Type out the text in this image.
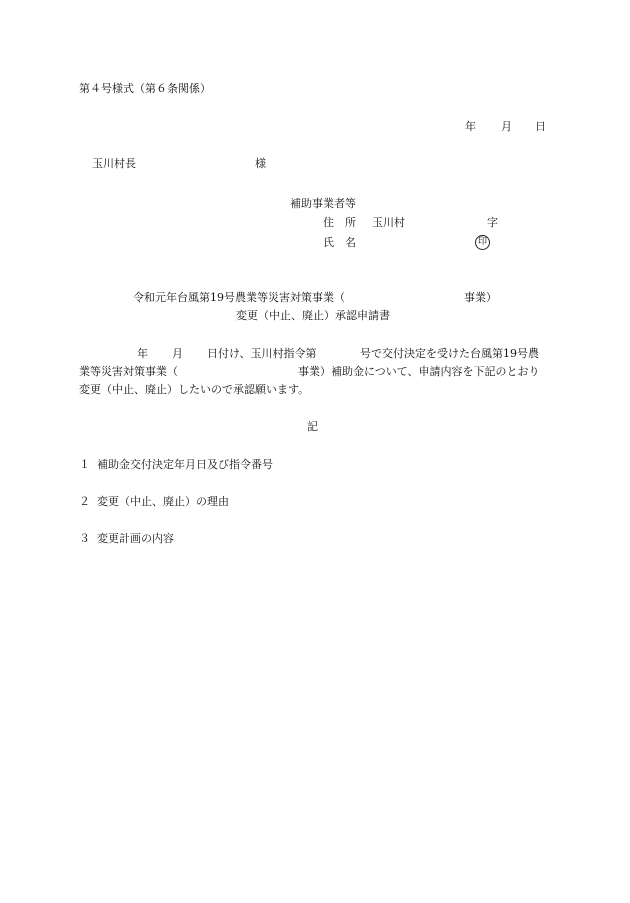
第４号様式（第６条関係）
年 月 日
玉川村長	様
補助事業者等
住　所 玉川村	字
氏　名	印
令和元年台風第19号農業等災害対策事業（	事業）
変更（中止、廃止）承認申請書
年 月 日付け、玉川村指令第	号で交付決定を受けた台風第19号農
業等災害対策事業（	事業）補助金について、申請内容を下記のとおり
変更（中止、廃止）したいので承認願います。
記
１ 補助金交付決定年月日及び指令番号
２ 変更（中止、廃止）の理由
３ 変更計画の内容
